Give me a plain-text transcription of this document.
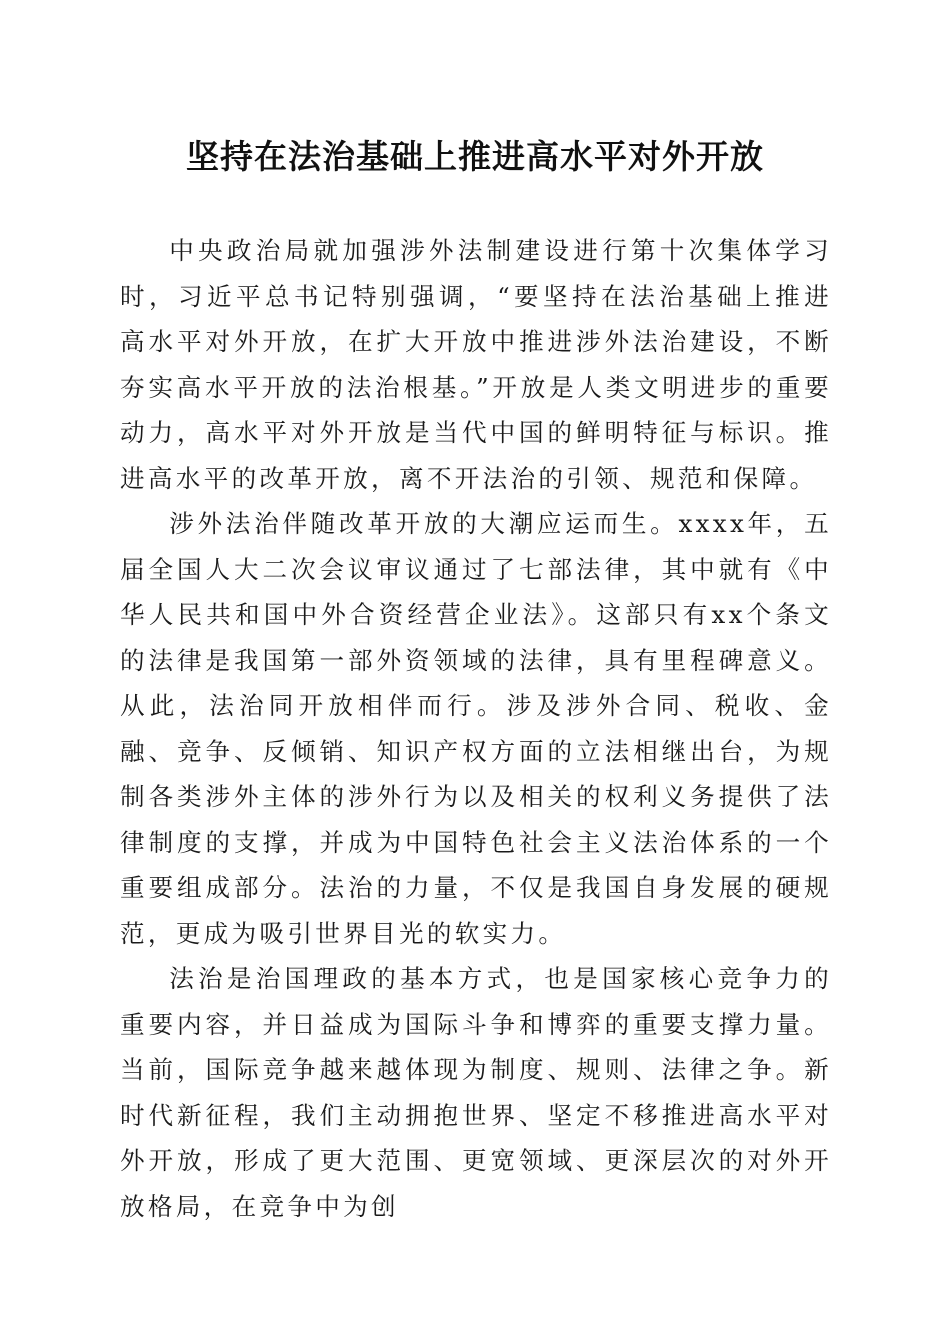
坚持在法治基础上推进高水平对外开放

中央政治局就加强涉外法制建设进行第十次集体学习时，习近平总书记特别强调，“要坚持在法治基础上推进高水平对外开放，在扩大开放中推进涉外法治建设，不断夯实高水平开放的法治根基。”开放是人类文明进步的重要动力，高水平对外开放是当代中国的鲜明特征与标识。推进高水平的改革开放，离不开法治的引领、规范和保障。

涉外法治伴随改革开放的大潮应运而生。xxxx年，五届全国人大二次会议审议通过了七部法律，其中就有《中华人民共和国中外合资经营企业法》。这部只有xx个条文的法律是我国第一部外资领域的法律，具有里程碑意义。从此，法治同开放相伴而行。涉及涉外合同、税收、金融、竞争、反倾销、知识产权方面的立法相继出台，为规制各类涉外主体的涉外行为以及相关的权利义务提供了法律制度的支撑，并成为中国特色社会主义法治体系的一个重要组成部分。法治的力量，不仅是我国自身发展的硬规范，更成为吸引世界目光的软实力。

法治是治国理政的基本方式，也是国家核心竞争力的重要内容，并日益成为国际斗争和博弈的重要支撑力量。当前，国际竞争越来越体现为制度、规则、法律之争。新时代新征程，我们主动拥抱世界、坚定不移推进高水平对外开放，形成了更大范围、更宽领域、更深层次的对外开放格局，在竞争中为创
